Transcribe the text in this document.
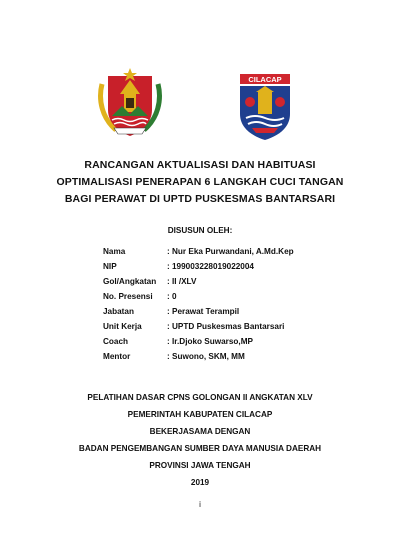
CILACAP
RANCANGAN AKTUALISASI DAN HABITUASI
OPTIMALISASI PENERAPAN 6 LANGKAH CUCI TANGAN
BAGI PERAWAT DI UPTD PUSKESMAS BANTARSARI
DISUSUN OLEH:
Nama	: Nur Eka Purwandani, A.Md.Kep
NIP	: 199003228019022004
Gol/Angkatan : II /XLV
No. Presensi : 0
Jabatan	: Perawat Terampil
Unit Kerja	: UPTD Puskesmas Bantarsari
Coach	: Ir.Djoko Suwarso,MP
Mentor	: Suwono, SKM, MM
PELATIHAN DASAR CPNS GOLONGAN II ANGKATAN XLV
PEMERINTAH KABUPATEN CILACAP
BEKERJASAMA DENGAN
BADAN PENGEMBANGAN SUMBER DAYA MANUSIA DAERAH
PROVINSI JAWA TENGAH
2019
i
